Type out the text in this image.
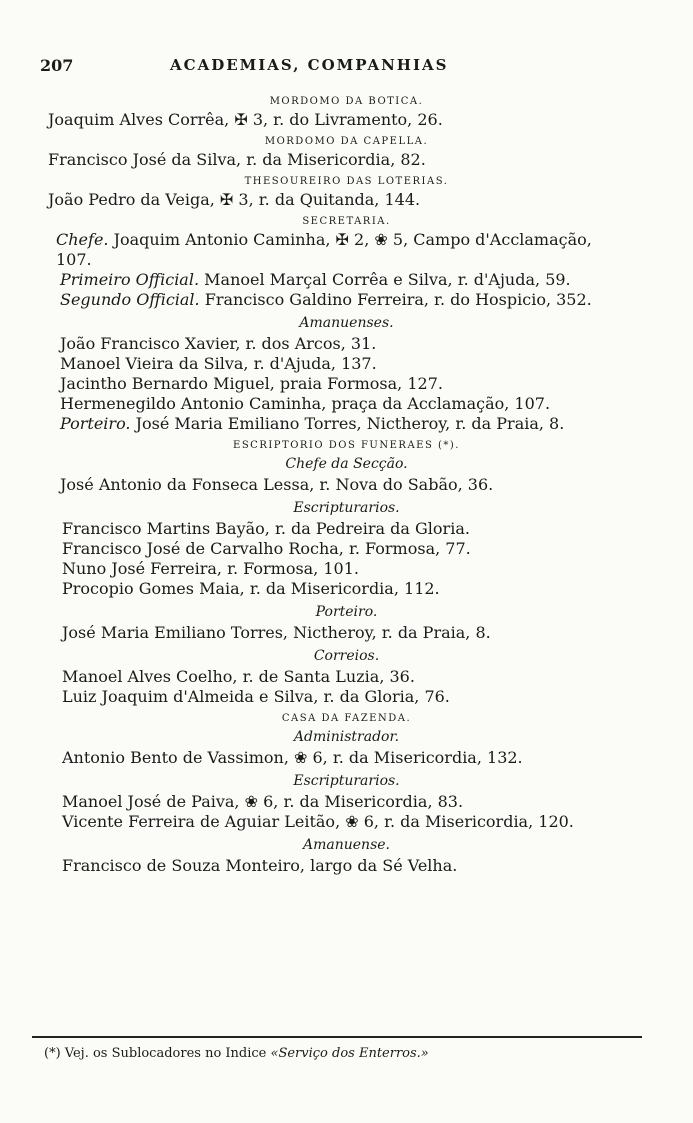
207	ACADEMIAS, COMPANHIAS
MORDOMO DA BOTICA.

Joaquim Alves Corrêa, ✠ 3, r. do Livramento, 26.

MORDOMO DA CAPELLA.

Francisco José da Silva, r. da Misericordia, 82.

THESOUREIRO DAS LOTERIAS.

João Pedro da Veiga, ✠ 3, r. da Quitanda, 144.

SECRETARIA.

Chefe. Joaquim Antonio Caminha, ✠ 2, ❀ 5, Campo d'Acclamação, 107.

Primeiro Official. Manoel Marçal Corrêa e Silva, r. d'Ajuda, 59.

Segundo Official. Francisco Galdino Ferreira, r. do Hospicio, 352.

Amanuenses.

João Francisco Xavier, r. dos Arcos, 31.

Manoel Vieira da Silva, r. d'Ajuda, 137.

Jacintho Bernardo Miguel, praia Formosa, 127.

Hermenegildo Antonio Caminha, praça da Acclamação, 107.

Porteiro. José Maria Emiliano Torres, Nictheroy, r. da Praia, 8.

ESCRIPTORIO DOS FUNERAES (*).
Chefe da Secção.

José Antonio da Fonseca Lessa, r. Nova do Sabão, 36.

Escripturarios.

Francisco Martins Bayão, r. da Pedreira da Gloria.

Francisco José de Carvalho Rocha, r. Formosa, 77.

Nuno José Ferreira, r. Formosa, 101.

Procopio Gomes Maia, r. da Misericordia, 112.

Porteiro.

José Maria Emiliano Torres, Nictheroy, r. da Praia, 8.

Correios.

Manoel Alves Coelho, r. de Santa Luzia, 36.

Luiz Joaquim d'Almeida e Silva, r. da Gloria, 76.

CASA DA FAZENDA.
Administrador.

Antonio Bento de Vassimon, ❀ 6, r. da Misericordia, 132.

Escripturarios.

Manoel José de Paiva, ❀ 6, r. da Misericordia, 83.

Vicente Ferreira de Aguiar Leitão, ❀ 6, r. da Misericordia, 120.

Amanuense.

Francisco de Souza Monteiro, largo da Sé Velha.

(*) Vej. os Sublocadores no Indice «Serviço dos Enterros.»
